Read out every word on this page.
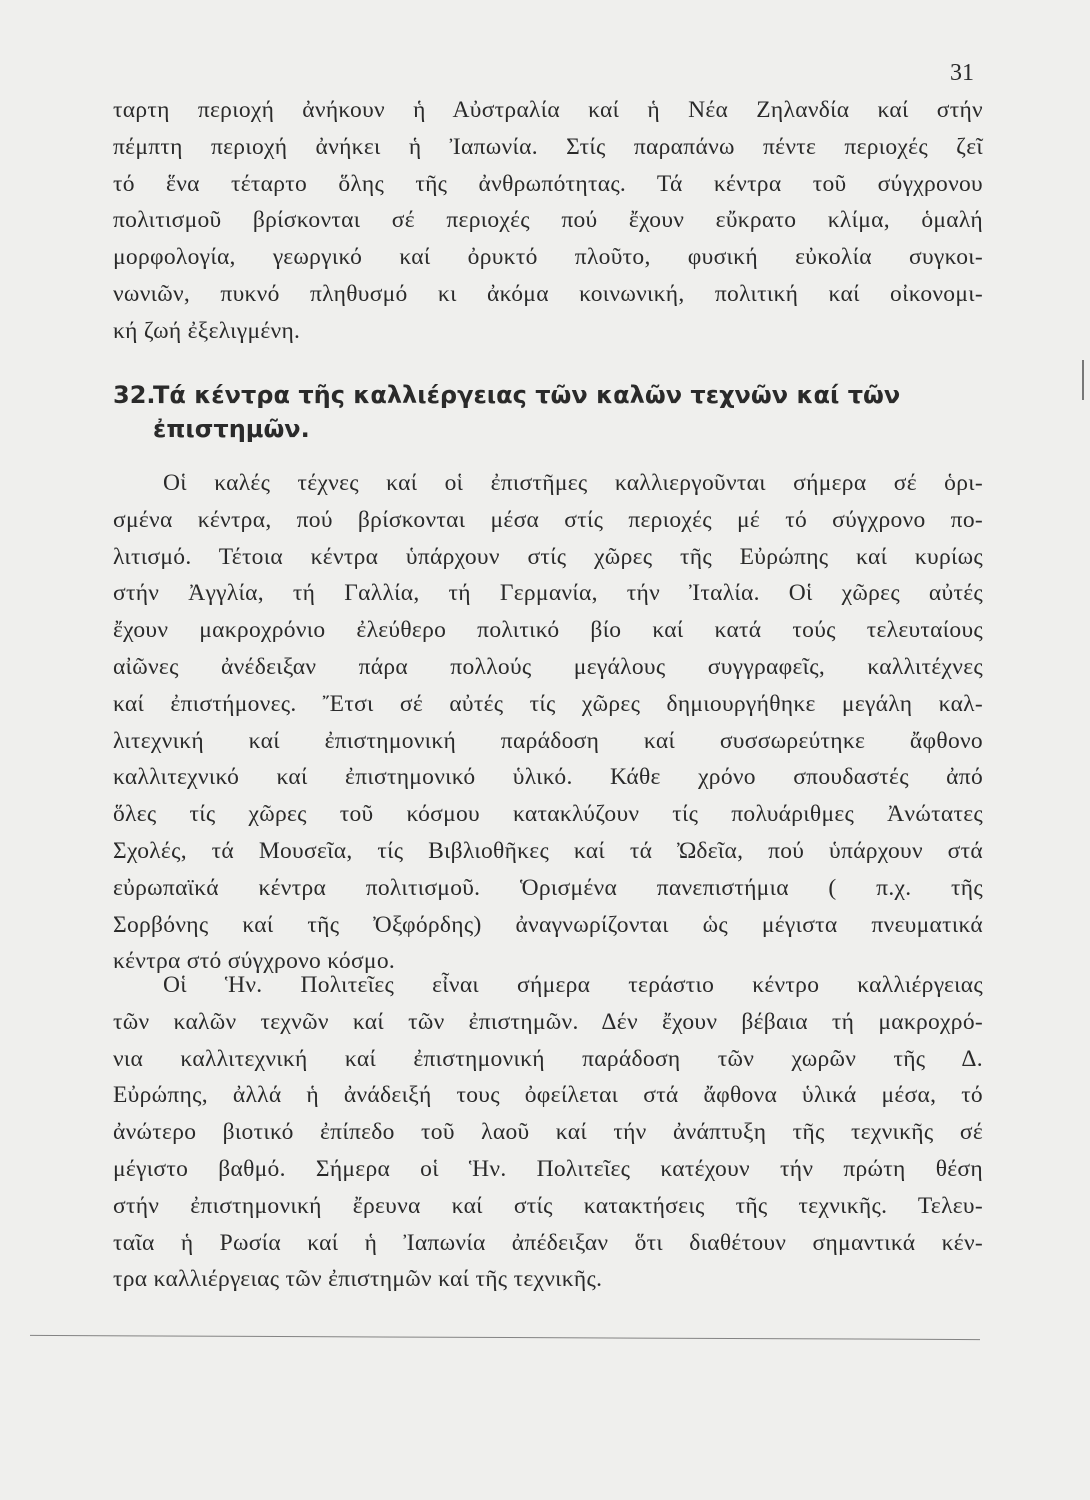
31
ταρτη περιοχή ἀνήκουν ἡ Αὐστραλία καί ἡ Νέα Ζηλανδία καί στήν
πέμπτη περιοχή ἀνήκει ἡ Ἰαπωνία. Στίς παραπάνω πέντε περιοχές ζεῖ
τό ἕνα τέταρτο ὅλης τῆς ἀνθρωπότητας. Τά κέντρα τοῦ σύγχρονου
πολιτισμοῦ βρίσκονται σέ περιοχές πού ἔχουν εὔκρατο κλίμα, ὁμαλή
μορφολογία, γεωργικό καί ὀρυκτό πλοῦτο, φυσική εὐκολία συγκοι-
νωνιῶν, πυκνό πληθυσμό κι ἀκόμα κοινωνική, πολιτική καί οἰκονομι-
κή ζωή ἐξελιγμένη.
32.Τά κέντρα τῆς καλλιέργειας τῶν καλῶν τεχνῶν καί τῶν
ἐπιστημῶν.
Οἱ καλές τέχνες καί οἱ ἐπιστῆμες καλλιεργοῦνται σήμερα σέ ὁρι-
σμένα κέντρα, πού βρίσκονται μέσα στίς περιοχές μέ τό σύγχρονο πο-
λιτισμό. Τέτοια κέντρα ὑπάρχουν στίς χῶρες τῆς Εὐρώπης καί κυρίως
στήν Ἀγγλία, τή Γαλλία, τή Γερμανία, τήν Ἰταλία. Οἱ χῶρες αὐτές
ἔχουν μακροχρόνιο ἐλεύθερο πολιτικό βίο καί κατά τούς τελευταίους
αἰῶνες ἀνέδειξαν πάρα πολλούς μεγάλους συγγραφεῖς, καλλιτέχνες
καί ἐπιστήμονες. Ἔτσι σέ αὐτές τίς χῶρες δημιουργήθηκε μεγάλη καλ-
λιτεχνική καί ἐπιστημονική παράδοση καί συσσωρεύτηκε ἄφθονο
καλλιτεχνικό καί ἐπιστημονικό ὑλικό. Κάθε χρόνο σπουδαστές ἀπό
ὅλες τίς χῶρες τοῦ κόσμου κατακλύζουν τίς πολυάριθμες Ἀνώτατες
Σχολές, τά Μουσεῖα, τίς Βιβλιοθῆκες καί τά Ὠδεῖα, πού ὑπάρχουν στά
εὐρωπαϊκά κέντρα πολιτισμοῦ. Ὁρισμένα πανεπιστήμια ( π.χ. τῆς
Σορβόνης καί τῆς Ὀξφόρδης) ἀναγνωρίζονται ὡς μέγιστα πνευματικά
κέντρα στό σύγχρονο κόσμο.
Οἱ Ἡν. Πολιτεῖες εἶναι σήμερα τεράστιο κέντρο καλλιέργειας
τῶν καλῶν τεχνῶν καί τῶν ἐπιστημῶν. Δέν ἔχουν βέβαια τή μακροχρό-
νια καλλιτεχνική καί ἐπιστημονική παράδοση τῶν χωρῶν τῆς Δ.
Εὐρώπης, ἀλλά ἡ ἀνάδειξή τους ὀφείλεται στά ἄφθονα ὑλικά μέσα, τό
ἀνώτερο βιοτικό ἐπίπεδο τοῦ λαοῦ καί τήν ἀνάπτυξη τῆς τεχνικῆς σέ
μέγιστο βαθμό. Σήμερα οἱ Ἡν. Πολιτεῖες κατέχουν τήν πρώτη θέση
στήν ἐπιστημονική ἔρευνα καί στίς κατακτήσεις τῆς τεχνικῆς. Τελευ-
ταῖα ἡ Ρωσία καί ἡ Ἰαπωνία ἀπέδειξαν ὅτι διαθέτουν σημαντικά κέν-
τρα καλλιέργειας τῶν ἐπιστημῶν καί τῆς τεχνικῆς.
